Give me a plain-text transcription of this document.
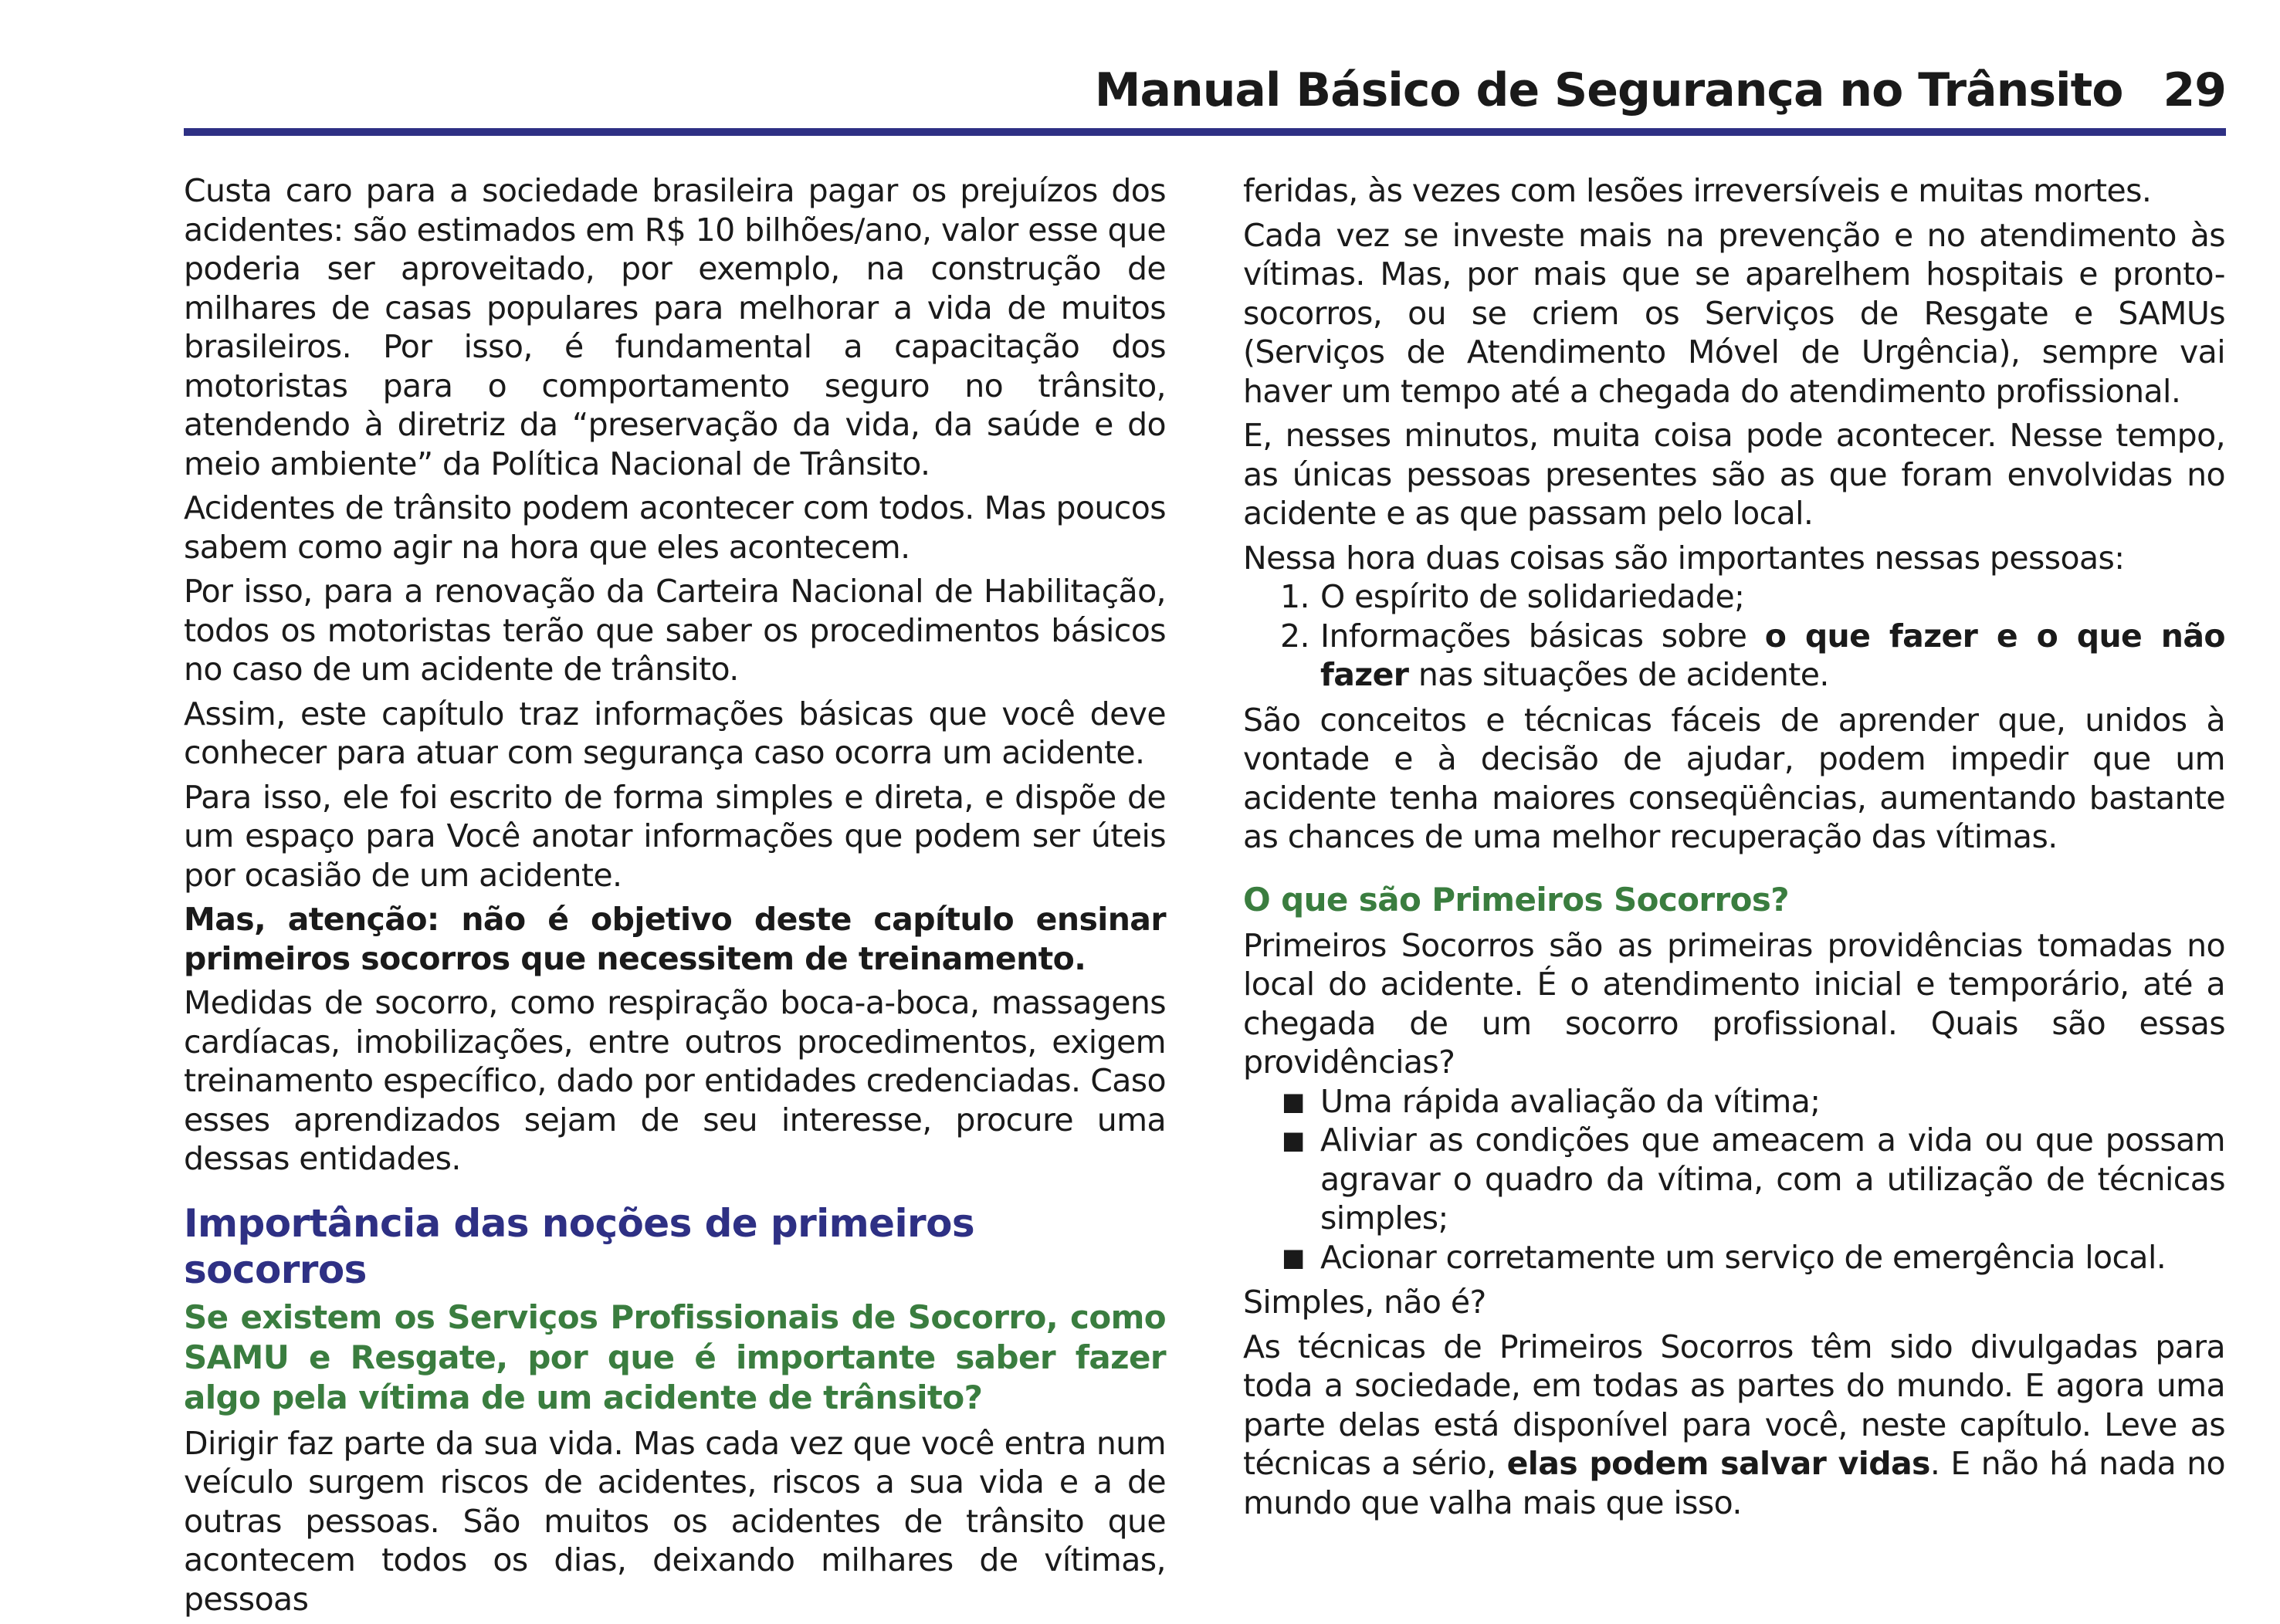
Manual Básico de Segurança no Trânsito 29

Custa caro para a sociedade brasileira pagar os prejuízos dos acidentes: são estimados em R$ 10 bilhões/ano, valor esse que poderia ser aproveitado, por exemplo, na construção de milhares de casas populares para melhorar a vida de muitos brasileiros. Por isso, é fundamental a capacitação dos motoristas para o comportamento seguro no trânsito, atendendo à diretriz da “preservação da vida, da saúde e do meio ambiente” da Política Nacional de Trânsito.

Acidentes de trânsito podem acontecer com todos. Mas poucos sabem como agir na hora que eles acontecem.

Por isso, para a renovação da Carteira Nacional de Habilitação, todos os motoristas terão que saber os procedimentos básicos no caso de um acidente de trânsito.

Assim, este capítulo traz informações básicas que você deve conhecer para atuar com segurança caso ocorra um acidente.

Para isso, ele foi escrito de forma simples e direta, e dispõe de um espaço para Você anotar informações que podem ser úteis por ocasião de um acidente.

Mas, atenção: não é objetivo deste capítulo ensinar primeiros socorros que necessitem de treinamento.

Medidas de socorro, como respiração boca-a-boca, massagens cardíacas, imobilizações, entre outros procedimentos, exigem treinamento específico, dado por entidades credenciadas. Caso esses aprendizados sejam de seu interesse, procure uma dessas entidades.

Importância das noções de primeiros socorros
Se existem os Serviços Profissionais de Socorro, como SAMU e Resgate, por que é importante saber fazer algo pela vítima de um acidente de trânsito?

Dirigir faz parte da sua vida. Mas cada vez que você entra num veículo surgem riscos de acidentes, riscos a sua vida e a de outras pessoas. São muitos os acidentes de trânsito que acontecem todos os dias, deixando milhares de vítimas, pessoas

feridas, às vezes com lesões irreversíveis e muitas mortes.

Cada vez se investe mais na prevenção e no atendimento às vítimas. Mas, por mais que se aparelhem hospitais e pronto-socorros, ou se criem os Serviços de Resgate e SAMUs (Serviços de Atendimento Móvel de Urgência), sempre vai haver um tempo até a chegada do atendimento profissional.

E, nesses minutos, muita coisa pode acontecer. Nesse tempo, as únicas pessoas presentes são as que foram envolvidas no acidente e as que passam pelo local.

Nessa hora duas coisas são importantes nessas pessoas:

1. O espírito de solidariedade;
2. Informações básicas sobre o que fazer e o que não fazer nas situações de acidente.

São conceitos e técnicas fáceis de aprender que, unidos à vontade e à decisão de ajudar, podem impedir que um acidente tenha maiores conseqüências, aumentando bastante as chances de uma melhor recuperação das vítimas.

O que são Primeiros Socorros?

Primeiros Socorros são as primeiras providências tomadas no local do acidente. É o atendimento inicial e temporário, até a chegada de um socorro profissional. Quais são essas providências?

■ Uma rápida avaliação da vítima;
■ Aliviar as condições que ameacem a vida ou que possam agravar o quadro da vítima, com a utilização de técnicas simples;
■ Acionar corretamente um serviço de emergência local.

Simples, não é?

As técnicas de Primeiros Socorros têm sido divulgadas para toda a sociedade, em todas as partes do mundo. E agora uma parte delas está disponível para você, neste capítulo. Leve as técnicas a sério, elas podem salvar vidas. E não há nada no mundo que valha mais que isso.
